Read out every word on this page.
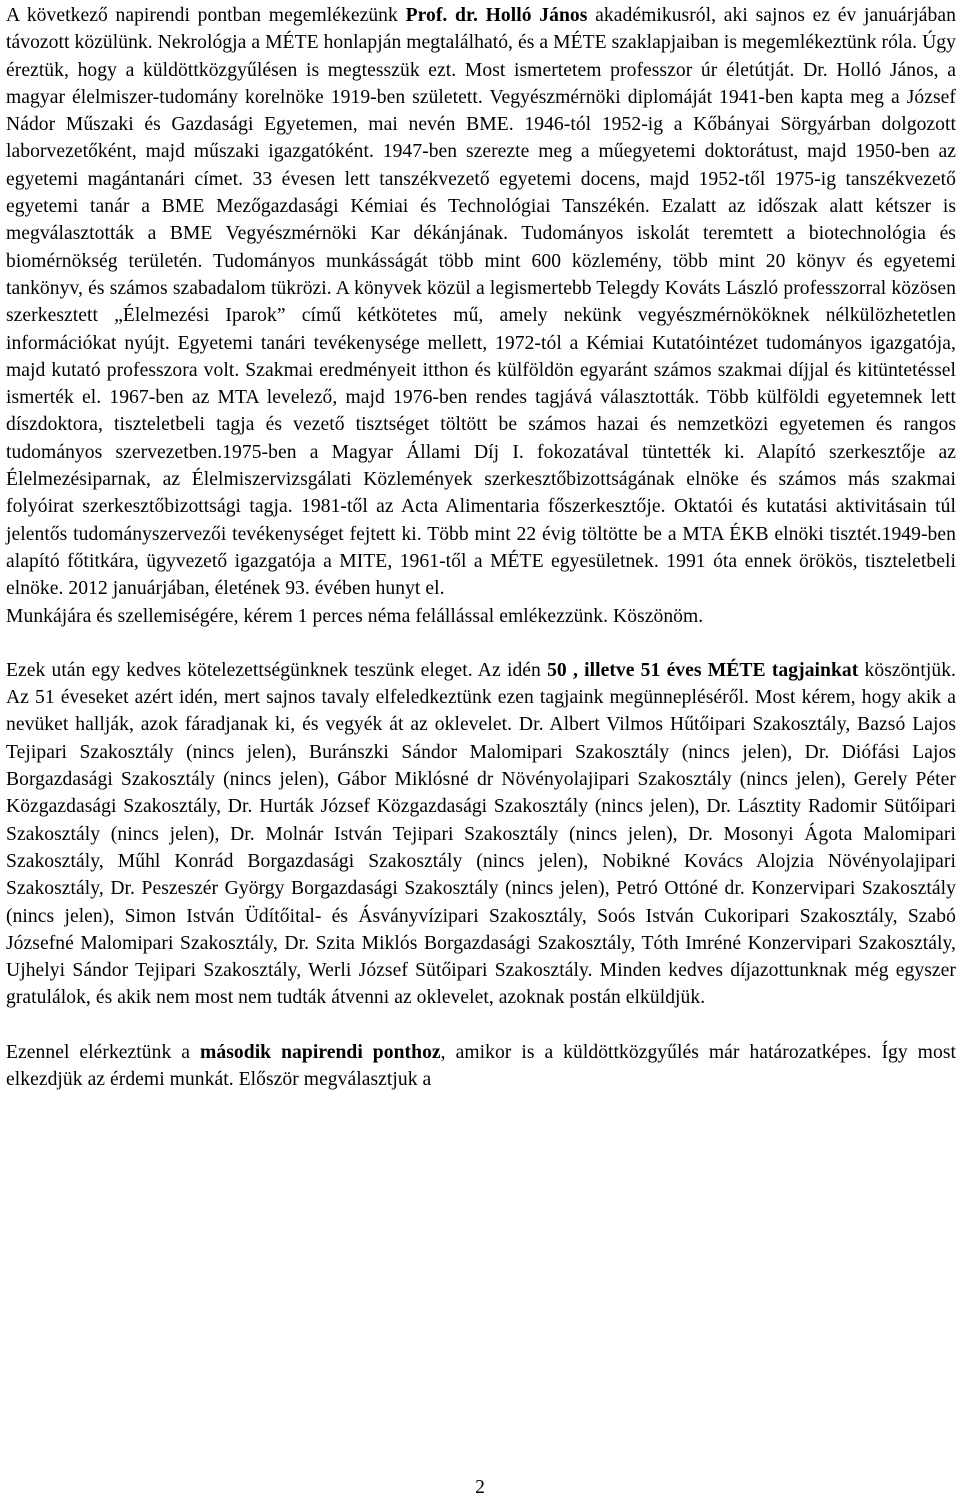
A következő napirendi pontban megemlékezünk Prof. dr. Holló János akadémikusról, aki sajnos ez év januárjában távozott közülünk. Nekrológja a MÉTE honlapján megtalálható, és a MÉTE szaklapjaiban is megemlékeztünk róla. Úgy éreztük, hogy a küldöttközgyűlésen is megtesszük ezt. Most ismertetem professzor úr életútját. Dr. Holló János, a magyar élelmiszer-tudomány korelnöke 1919-ben született. Vegyészmérnöki diplomáját 1941-ben kapta meg a József Nádor Műszaki és Gazdasági Egyetemen, mai nevén BME. 1946-tól 1952-ig a Kőbányai Sörgyárban dolgozott laborvezetőként, majd műszaki igazgatóként. 1947-ben szerezte meg a műegyetemi doktorátust, majd 1950-ben az egyetemi magántanári címet. 33 évesen lett tanszékvezető egyetemi docens, majd 1952-től 1975-ig tanszékvezető egyetemi tanár a BME Mezőgazdasági Kémiai és Technológiai Tanszékén. Ezalatt az időszak alatt kétszer is megválasztották a BME Vegyészmérnöki Kar dékánjának. Tudományos iskolát teremtett a biotechnológia és biomérnökség területén. Tudományos munkásságát több mint 600 közlemény, több mint 20 könyv és egyetemi tankönyv, és számos szabadalom tükrözi. A könyvek közül a legismertebb Telegdy Kováts László professzorral közösen szerkesztett „Élelmezési Iparok” című kétkötetes mű, amely nekünk vegyészmérnököknek nélkülözhetetlen információkat nyújt. Egyetemi tanári tevékenysége mellett, 1972-tól a Kémiai Kutatóintézet tudományos igazgatója, majd kutató professzora volt. Szakmai eredményeit itthon és külföldön egyaránt számos szakmai díjjal és kitüntetéssel ismerték el. 1967-ben az MTA levelező, majd 1976-ben rendes tagjává választották. Több külföldi egyetemnek lett díszdoktora, tiszteletbeli tagja és vezető tisztséget töltött be számos hazai és nemzetközi egyetemen és rangos tudományos szervezetben.1975-ben a Magyar Állami Díj I. fokozatával tüntették ki. Alapító szerkesztője az Élelmezésiparnak, az Élelmiszervizsgálati Közlemények szerkesztőbizottságának elnöke és számos más szakmai folyóirat szerkesztőbizottsági tagja. 1981-től az Acta Alimentaria főszerkesztője. Oktatói és kutatási aktivitásain túl jelentős tudományszervezői tevékenységet fejtett ki. Több mint 22 évig töltötte be a MTA ÉKB elnöki tisztét.1949-ben alapító főtitkára, ügyvezető igazgatója a MITE, 1961-től a MÉTE egyesületnek. 1991 óta ennek örökös, tiszteletbeli elnöke. 2012 januárjában, életének 93. évében hunyt el.
Munkájára és szellemiségére, kérem 1 perces néma felállással emlékezzünk. Köszönöm.

Ezek után egy kedves kötelezettségünknek teszünk eleget. Az idén 50 , illetve 51 éves MÉTE tagjainkat köszöntjük. Az 51 éveseket azért idén, mert sajnos tavaly elfeledkeztünk ezen tagjaink megünnepléséről. Most kérem, hogy akik a nevüket hallják, azok fáradjanak ki, és vegyék át az oklevelet. Dr. Albert Vilmos Hűtőipari Szakosztály, Bazsó Lajos Tejipari Szakosztály (nincs jelen), Buránszki Sándor Malomipari Szakosztály (nincs jelen), Dr. Diófási Lajos Borgazdasági Szakosztály (nincs jelen), Gábor Miklósné dr Növényolajipari Szakosztály (nincs jelen), Gerely Péter Közgazdasági Szakosztály, Dr. Hurták József Közgazdasági Szakosztály (nincs jelen), Dr. Lásztity Radomir Sütőipari Szakosztály (nincs jelen), Dr. Molnár István Tejipari Szakosztály (nincs jelen), Dr. Mosonyi Ágota Malomipari Szakosztály, Műhl Konrád Borgazdasági Szakosztály (nincs jelen), Nobikné Kovács Alojzia Növényolajipari Szakosztály, Dr. Peszeszér György Borgazdasági Szakosztály (nincs jelen), Petró Ottóné dr. Konzervipari Szakosztály (nincs jelen), Simon István Üdítőital- és Ásványvízipari Szakosztály, Soós István Cukoripari Szakosztály, Szabó Józsefné Malomipari Szakosztály, Dr. Szita Miklós Borgazdasági Szakosztály, Tóth Imréné Konzervipari Szakosztály, Ujhelyi Sándor Tejipari Szakosztály, Werli József Sütőipari Szakosztály. Minden kedves díjazottunknak még egyszer gratulálok, és akik nem most nem tudták átvenni az oklevelet, azoknak postán elküldjük.

Ezennel elérkeztünk a második napirendi ponthoz, amikor is a küldöttközgyűlés már határozatképes. Így most elkezdjük az érdemi munkát. Először megválasztjuk a

2
